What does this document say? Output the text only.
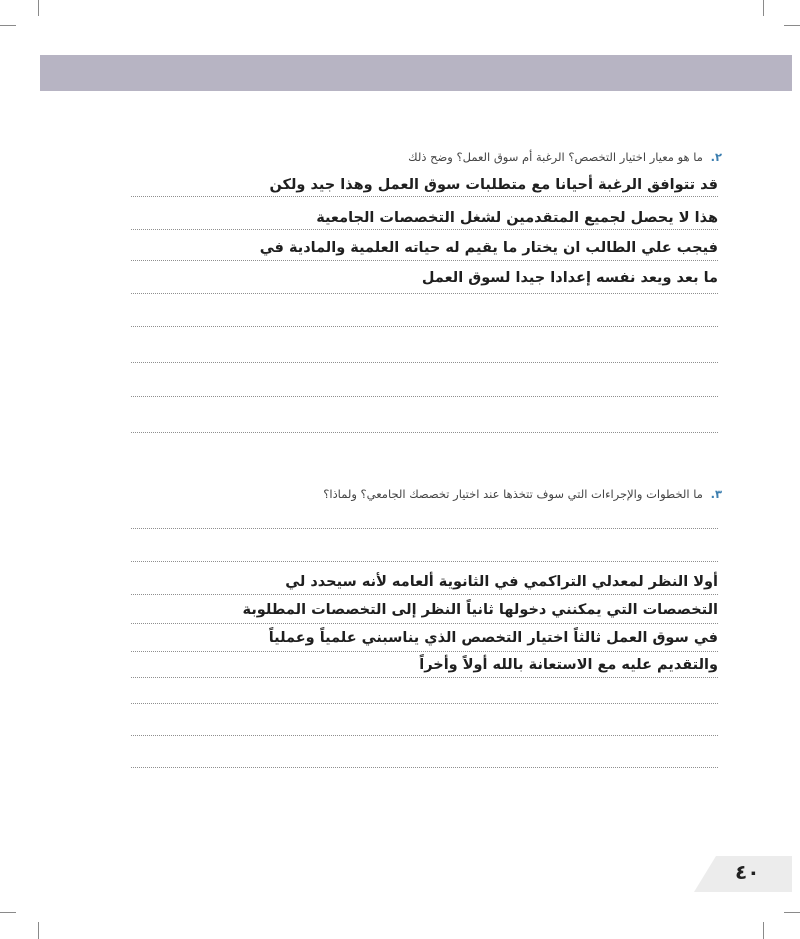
٢. ما هو معيار اختيار التخصص؟ الرغبة أم سوق العمل؟ وضح ذلك
قد تتوافق الرغبة أحيانا مع متطلبات سوق العمل وهذا جيد ولكن
هذا لا يحصل لجميع المتقدمين لشغل التخصصات الجامعية
فيجب علي الطالب ان يختار ما يقيم له حياته العلمية والمادية في
ما بعد ويعد نفسه إعدادا جيدا لسوق العمل
٣. ما الخطوات والإجراءات التي سوف تتخذها عند اختيار تخصصك الجامعي؟ ولماذا؟
أولا النظر لمعدلي التراكمي في الثانوية ألعامه لأنه سيحدد لي
التخصصات التي يمكنني دخولها ثانياً النظر إلى التخصصات المطلوبة
في سوق العمل ثالثاً اختيار التخصص الذي يناسبني علمياً وعملياً
والتقديم عليه مع الاستعانة بالله أولاً وأخراً
٤٠
